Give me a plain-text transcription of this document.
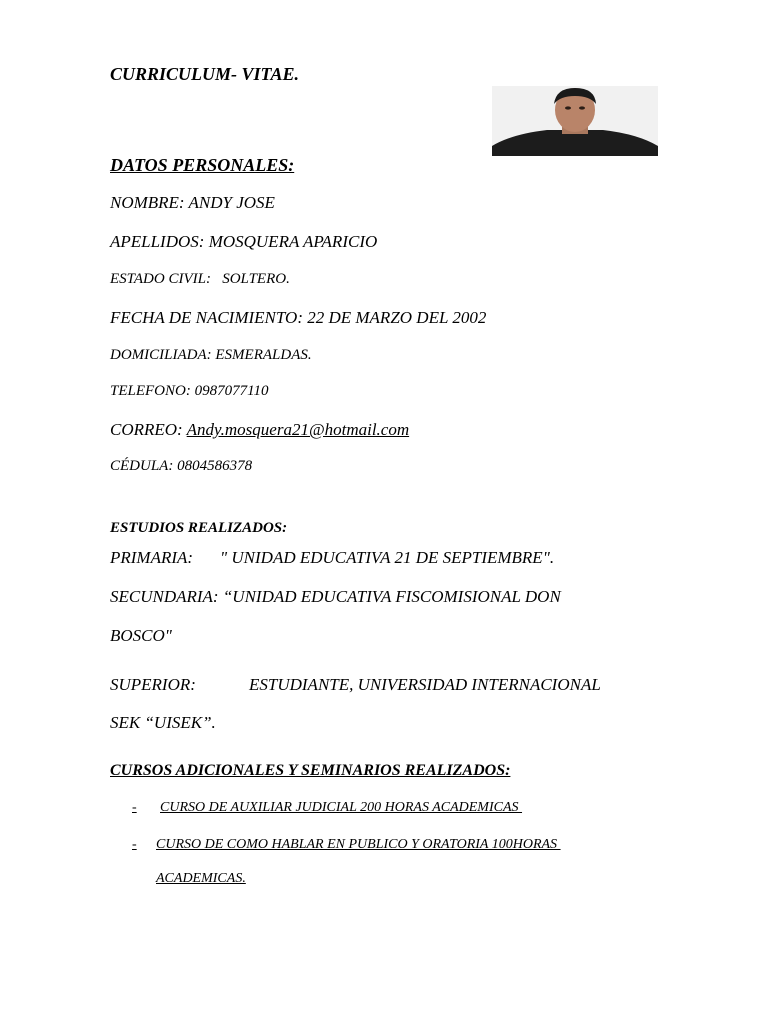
CURRICULUM- VITAE.
DATOS PERSONALES:
NOMBRE: ANDY JOSE
APELLIDOS: MOSQUERA APARICIO
ESTADO CIVIL:   SOLTERO.
FECHA DE NACIMIENTO: 22 DE MARZO DEL 2002
DOMICILIADA: ESMERALDAS.
TELEFONO: 0987077110
CORREO: Andy.mosquera21@hotmail.com
CÉDULA: 0804586378
ESTUDIOS REALIZADOS:
PRIMARIA: " UNIDAD EDUCATIVA 21 DE SEPTIEMBRE".
SECUNDARIA: “UNIDAD EDUCATIVA FISCOMISIONAL DON
BOSCO"
SUPERIOR:	ESTUDIANTE, UNIVERSIDAD INTERNACIONAL
SEK “UISEK”.
CURSOS ADICIONALES Y SEMINARIOS REALIZADOS:
- CURSO DE AUXILIAR JUDICIAL 200 HORAS ACADEMICAS
- CURSO DE COMO HABLAR EN PUBLICO Y ORATORIA 100HORAS
ACADEMICAS.
